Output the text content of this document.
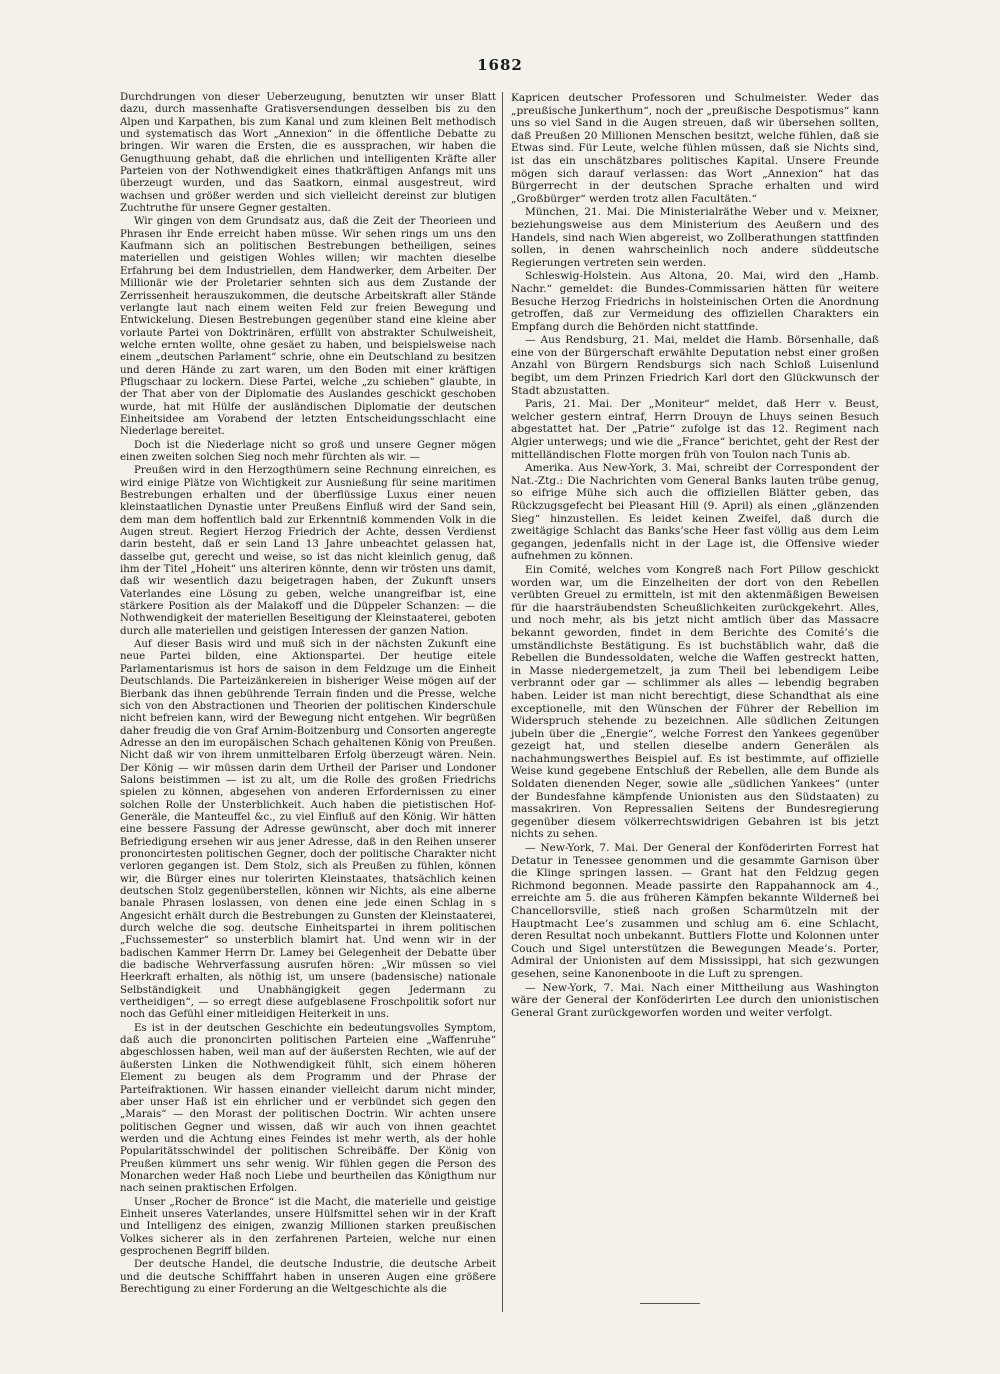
1682

Durchdrungen von dieser Ueberzeugung, benutzten wir unser Blatt dazu, durch massenhafte Gratisversendungen desselben bis zu den Alpen und Karpathen, bis zum Kanal und zum kleinen Belt methodisch und systematisch das Wort „Annexion“ in die öffentliche Debatte zu bringen. Wir waren die Ersten, die es aussprachen, wir haben die Genugthuung gehabt, daß die ehrlichen und intelligenten Kräfte aller Parteien von der Nothwendigkeit eines thatkräftigen Anfangs mit uns überzeugt wurden, und das Saatkorn, einmal ausgestreut, wird wachsen und größer werden und sich vielleicht dereinst zur blutigen Zuchtruthe für unsere Gegner gestalten.

Wir gingen von dem Grundsatz aus, daß die Zeit der Theorieen und Phrasen ihr Ende erreicht haben müsse. Wir sehen rings um uns den Kaufmann sich an politischen Bestrebungen betheiligen, seines materiellen und geistigen Wohles willen; wir machten dieselbe Erfahrung bei dem Industriellen, dem Handwerker, dem Arbeiter. Der Millionär wie der Proletarier sehnten sich aus dem Zustande der Zerrissenheit herauszukommen, die deutsche Arbeitskraft aller Stände verlangte laut nach einem weiten Feld zur freien Bewegung und Entwickelung. Diesen Bestrebungen gegenüber stand eine kleine aber vorlaute Partei von Doktrinären, erfüllt von abstrakter Schulweisheit, welche ernten wollte, ohne gesäet zu haben, und beispielsweise nach einem „deutschen Parlament“ schrie, ohne ein Deutschland zu besitzen und deren Hände zu zart waren, um den Boden mit einer kräftigen Pflugschaar zu lockern. Diese Partei, welche „zu schieben“ glaubte, in der That aber von der Diplomatie des Auslandes geschickt geschoben wurde, hat mit Hülfe der ausländischen Diplomatie der deutschen Einheitsidee am Vorabend der letzten Entscheidungsschlacht eine Niederlage bereitet.

Doch ist die Niederlage nicht so groß und unsere Gegner mögen einen zweiten solchen Sieg noch mehr fürchten als wir. —

Preußen wird in den Herzogthümern seine Rechnung einreichen, es wird einige Plätze von Wichtigkeit zur Ausnießung für seine maritimen Bestrebungen erhalten und der überflüssige Luxus einer neuen kleinstaatlichen Dynastie unter Preußens Einfluß wird der Sand sein, dem man dem hoffentlich bald zur Erkenntniß kommenden Volk in die Augen streut. Regiert Herzog Friedrich der Achte, dessen Verdienst darin besteht, daß er sein Land 13 Jahre unbeachtet gelassen hat, dasselbe gut, gerecht und weise, so ist das nicht kleinlich genug, daß ihm der Titel „Hoheit“ uns alteriren könnte, denn wir trösten uns damit, daß wir wesentlich dazu beigetragen haben, der Zukunft unsers Vaterlandes eine Lösung zu geben, welche unangreifbar ist, eine stärkere Position als der Malakoff und die Düppeler Schanzen: — die Nothwendigkeit der materiellen Beseitigung der Kleinstaaterei, geboten durch alle materiellen und geistigen Interessen der ganzen Nation.

Auf dieser Basis wird und muß sich in der nächsten Zukunft eine neue Partei bilden, eine Aktionspartei. Der heutige eitele Parlamentarismus ist hors de saison in dem Feldzuge um die Einheit Deutschlands. Die Parteizänkereien in bisheriger Weise mögen auf der Bierbank das ihnen gebührende Terrain finden und die Presse, welche sich von den Abstractionen und Theorien der politischen Kinderschule nicht befreien kann, wird der Bewegung nicht entgehen. Wir begrüßen daher freudig die von Graf Arnim-Boitzenburg und Consorten angeregte Adresse an den im europäischen Schach gehaltenen König von Preußen. Nicht daß wir von ihrem unmittelbaren Erfolg überzeugt wären. Nein. Der König — wir müssen darin dem Urtheil der Pariser und Londoner Salons beistimmen — ist zu alt, um die Rolle des großen Friedrichs spielen zu können, abgesehen von anderen Erfordernissen zu einer solchen Rolle der Unsterblichkeit. Auch haben die pietistischen Hof-Generäle, die Manteuffel &c., zu viel Einfluß auf den König. Wir hätten eine bessere Fassung der Adresse gewünscht, aber doch mit innerer Befriedigung ersehen wir aus jener Adresse, daß in den Reihen unserer prononcirtesten politischen Gegner, doch der politische Charakter nicht verloren gegangen ist. Dem Stolz, sich als Preußen zu fühlen, können wir, die Bürger eines nur tolerirten Kleinstaates, thatsächlich keinen deutschen Stolz gegenüberstellen, können wir Nichts, als eine alberne banale Phrasen loslassen, von denen eine jede einen Schlag in s Angesicht erhält durch die Bestrebungen zu Gunsten der Kleinstaaterei, durch welche die sog. deutsche Einheitspartei in ihrem politischen „Fuchssemester“ so unsterblich blamirt hat. Und wenn wir in der badischen Kammer Herrn Dr. Lamey bei Gelegenheit der Debatte über die badische Wehrverfassung ausrufen hören: „Wir müssen so viel Heerkraft erhalten, als nöthig ist, um unsere (badensische) nationale Selbständigkeit und Unabhängigkeit gegen Jedermann zu vertheidigen“, — so erregt diese aufgeblasene Froschpolitik sofort nur noch das Gefühl einer mitleidigen Heiterkeit in uns.

Es ist in der deutschen Geschichte ein bedeutungsvolles Symptom, daß auch die prononcirten politischen Parteien eine „Waffenruhe“ abgeschlossen haben, weil man auf der äußersten Rechten, wie auf der äußersten Linken die Nothwendigkeit fühlt, sich einem höheren Element zu beugen als dem Programm und der Phrase der Parteifraktionen. Wir hassen einander vielleicht darum nicht minder, aber unser Haß ist ein ehrlicher und er verbündet sich gegen den „Marais“ — den Morast der politischen Doctrin. Wir achten unsere politischen Gegner und wissen, daß wir auch von ihnen geachtet werden und die Achtung eines Feindes ist mehr werth, als der hohle Popularitätsschwindel der politischen Schreibäffe. Der König von Preußen kümmert uns sehr wenig. Wir fühlen gegen die Person des Monarchen weder Haß noch Liebe und beurtheilen das Königthum nur nach seinen praktischen Erfolgen.

Unser „Rocher de Bronce“ ist die Macht, die materielle und geistige Einheit unseres Vaterlandes, unsere Hülfsmittel sehen wir in der Kraft und Intelligenz des einigen, zwanzig Millionen starken preußischen Volkes sicherer als in den zerfahrenen Parteien, welche nur einen gesprochenen Begriff bilden.

Der deutsche Handel, die deutsche Industrie, die deutsche Arbeit und die deutsche Schifffahrt haben in unseren Augen eine größere Berechtigung zu einer Forderung an die Weltgeschichte als die

Kapricen deutscher Professoren und Schulmeister. Weder das „preußische Junkerthum“, noch der „preußische Despotismus“ kann uns so viel Sand in die Augen streuen, daß wir übersehen sollten, daß Preußen 20 Millionen Menschen besitzt, welche fühlen, daß sie Etwas sind. Für Leute, welche fühlen müssen, daß sie Nichts sind, ist das ein unschätzbares politisches Kapital. Unsere Freunde mögen sich darauf verlassen: das Wort „Annexion“ hat das Bürgerrecht in der deutschen Sprache erhalten und wird „Großbürger“ werden trotz allen Facultäten.“

München, 21. Mai. Die Ministerialräthe Weber und v. Meixner, beziehungsweise aus dem Ministerium des Aeußern und des Handels, sind nach Wien abgereist, wo Zollberathungen stattfinden sollen, in denen wahrscheinlich noch andere süddeutsche Regierungen vertreten sein werden.

Schleswig-Holstein. Aus Altona, 20. Mai, wird den „Hamb. Nachr.“ gemeldet: die Bundes-Commissarien hätten für weitere Besuche Herzog Friedrichs in holsteinischen Orten die Anordnung getroffen, daß zur Vermeidung des offiziellen Charakters ein Empfang durch die Behörden nicht stattfinde.

— Aus Rendsburg, 21. Mai, meldet die Hamb. Börsenhalle, daß eine von der Bürgerschaft erwählte Deputation nebst einer großen Anzahl von Bürgern Rendsburgs sich nach Schloß Luisenlund begibt, um dem Prinzen Friedrich Karl dort den Glückwunsch der Stadt abzustatten.

Paris, 21. Mai. Der „Moniteur“ meldet, daß Herr v. Beust, welcher gestern eintraf, Herrn Drouyn de Lhuys seinen Besuch abgestattet hat. Der „Patrie“ zufolge ist das 12. Regiment nach Algier unterwegs; und wie die „France“ berichtet, geht der Rest der mittelländischen Flotte morgen früh von Toulon nach Tunis ab.

Amerika. Aus New-York, 3. Mai, schreibt der Correspondent der Nat.-Ztg.: Die Nachrichten vom General Banks lauten trübe genug, so eifrige Mühe sich auch die offiziellen Blätter geben, das Rückzugsgefecht bei Pleasant Hill (9. April) als einen „glänzenden Sieg“ hinzustellen. Es leidet keinen Zweifel, daß durch die zweitägige Schlacht das Banks’sche Heer fast völlig aus dem Leim gegangen, jedenfalls nicht in der Lage ist, die Offensive wieder aufnehmen zu können.

Ein Comité, welches vom Kongreß nach Fort Pillow geschickt worden war, um die Einzelheiten der dort von den Rebellen verübten Greuel zu ermitteln, ist mit den aktenmäßigen Beweisen für die haarsträubendsten Scheußlichkeiten zurückgekehrt. Alles, und noch mehr, als bis jetzt nicht amtlich über das Massacre bekannt geworden, findet in dem Berichte des Comité’s die umständlichste Bestätigung. Es ist buchstäblich wahr, daß die Rebellen die Bundessoldaten, welche die Waffen gestreckt hatten, in Masse niedergemetzelt, ja zum Theil bei lebendigem Leibe verbrannt oder gar — schlimmer als alles — lebendig begraben haben. Leider ist man nicht berechtigt, diese Schandthat als eine exceptionelle, mit den Wünschen der Führer der Rebellion im Widerspruch stehende zu bezeichnen. Alle südlichen Zeitungen jubeln über die „Energie“, welche Forrest den Yankees gegenüber gezeigt hat, und stellen dieselbe andern Generälen als nachahmungswerthes Beispiel auf. Es ist bestimmte, auf offizielle Weise kund gegebene Entschluß der Rebellen, alle dem Bunde als Soldaten dienenden Neger, sowie alle „südlichen Yankees“ (unter der Bundesfahne kämpfende Unionisten aus den Südstaaten) zu massakriren. Von Repressalien Seitens der Bundesregierung gegenüber diesem völkerrechtswidrigen Gebahren ist bis jetzt nichts zu sehen.

— New-York, 7. Mai. Der General der Konföderirten Forrest hat Detatur in Tenessee genommen und die gesammte Garnison über die Klinge springen lassen. — Grant hat den Feldzug gegen Richmond begonnen. Meade passirte den Rappahannock am 4., erreichte am 5. die aus früheren Kämpfen bekannte Wilderneß bei Chancellorsville, stieß nach großen Scharmützeln mit der Hauptmacht Lee’s zusammen und schlug am 6. eine Schlacht, deren Resultat noch unbekannt. Buttlers Flotte und Kolonnen unter Couch und Sigel unterstützen die Bewegungen Meade’s. Porter, Admiral der Unionisten auf dem Mississippi, hat sich gezwungen gesehen, seine Kanonenboote in die Luft zu sprengen.

— New-York, 7. Mai. Nach einer Mittheilung aus Washington wäre der General der Konföderirten Lee durch den unionistischen General Grant zurückgeworfen worden und weiter verfolgt.
